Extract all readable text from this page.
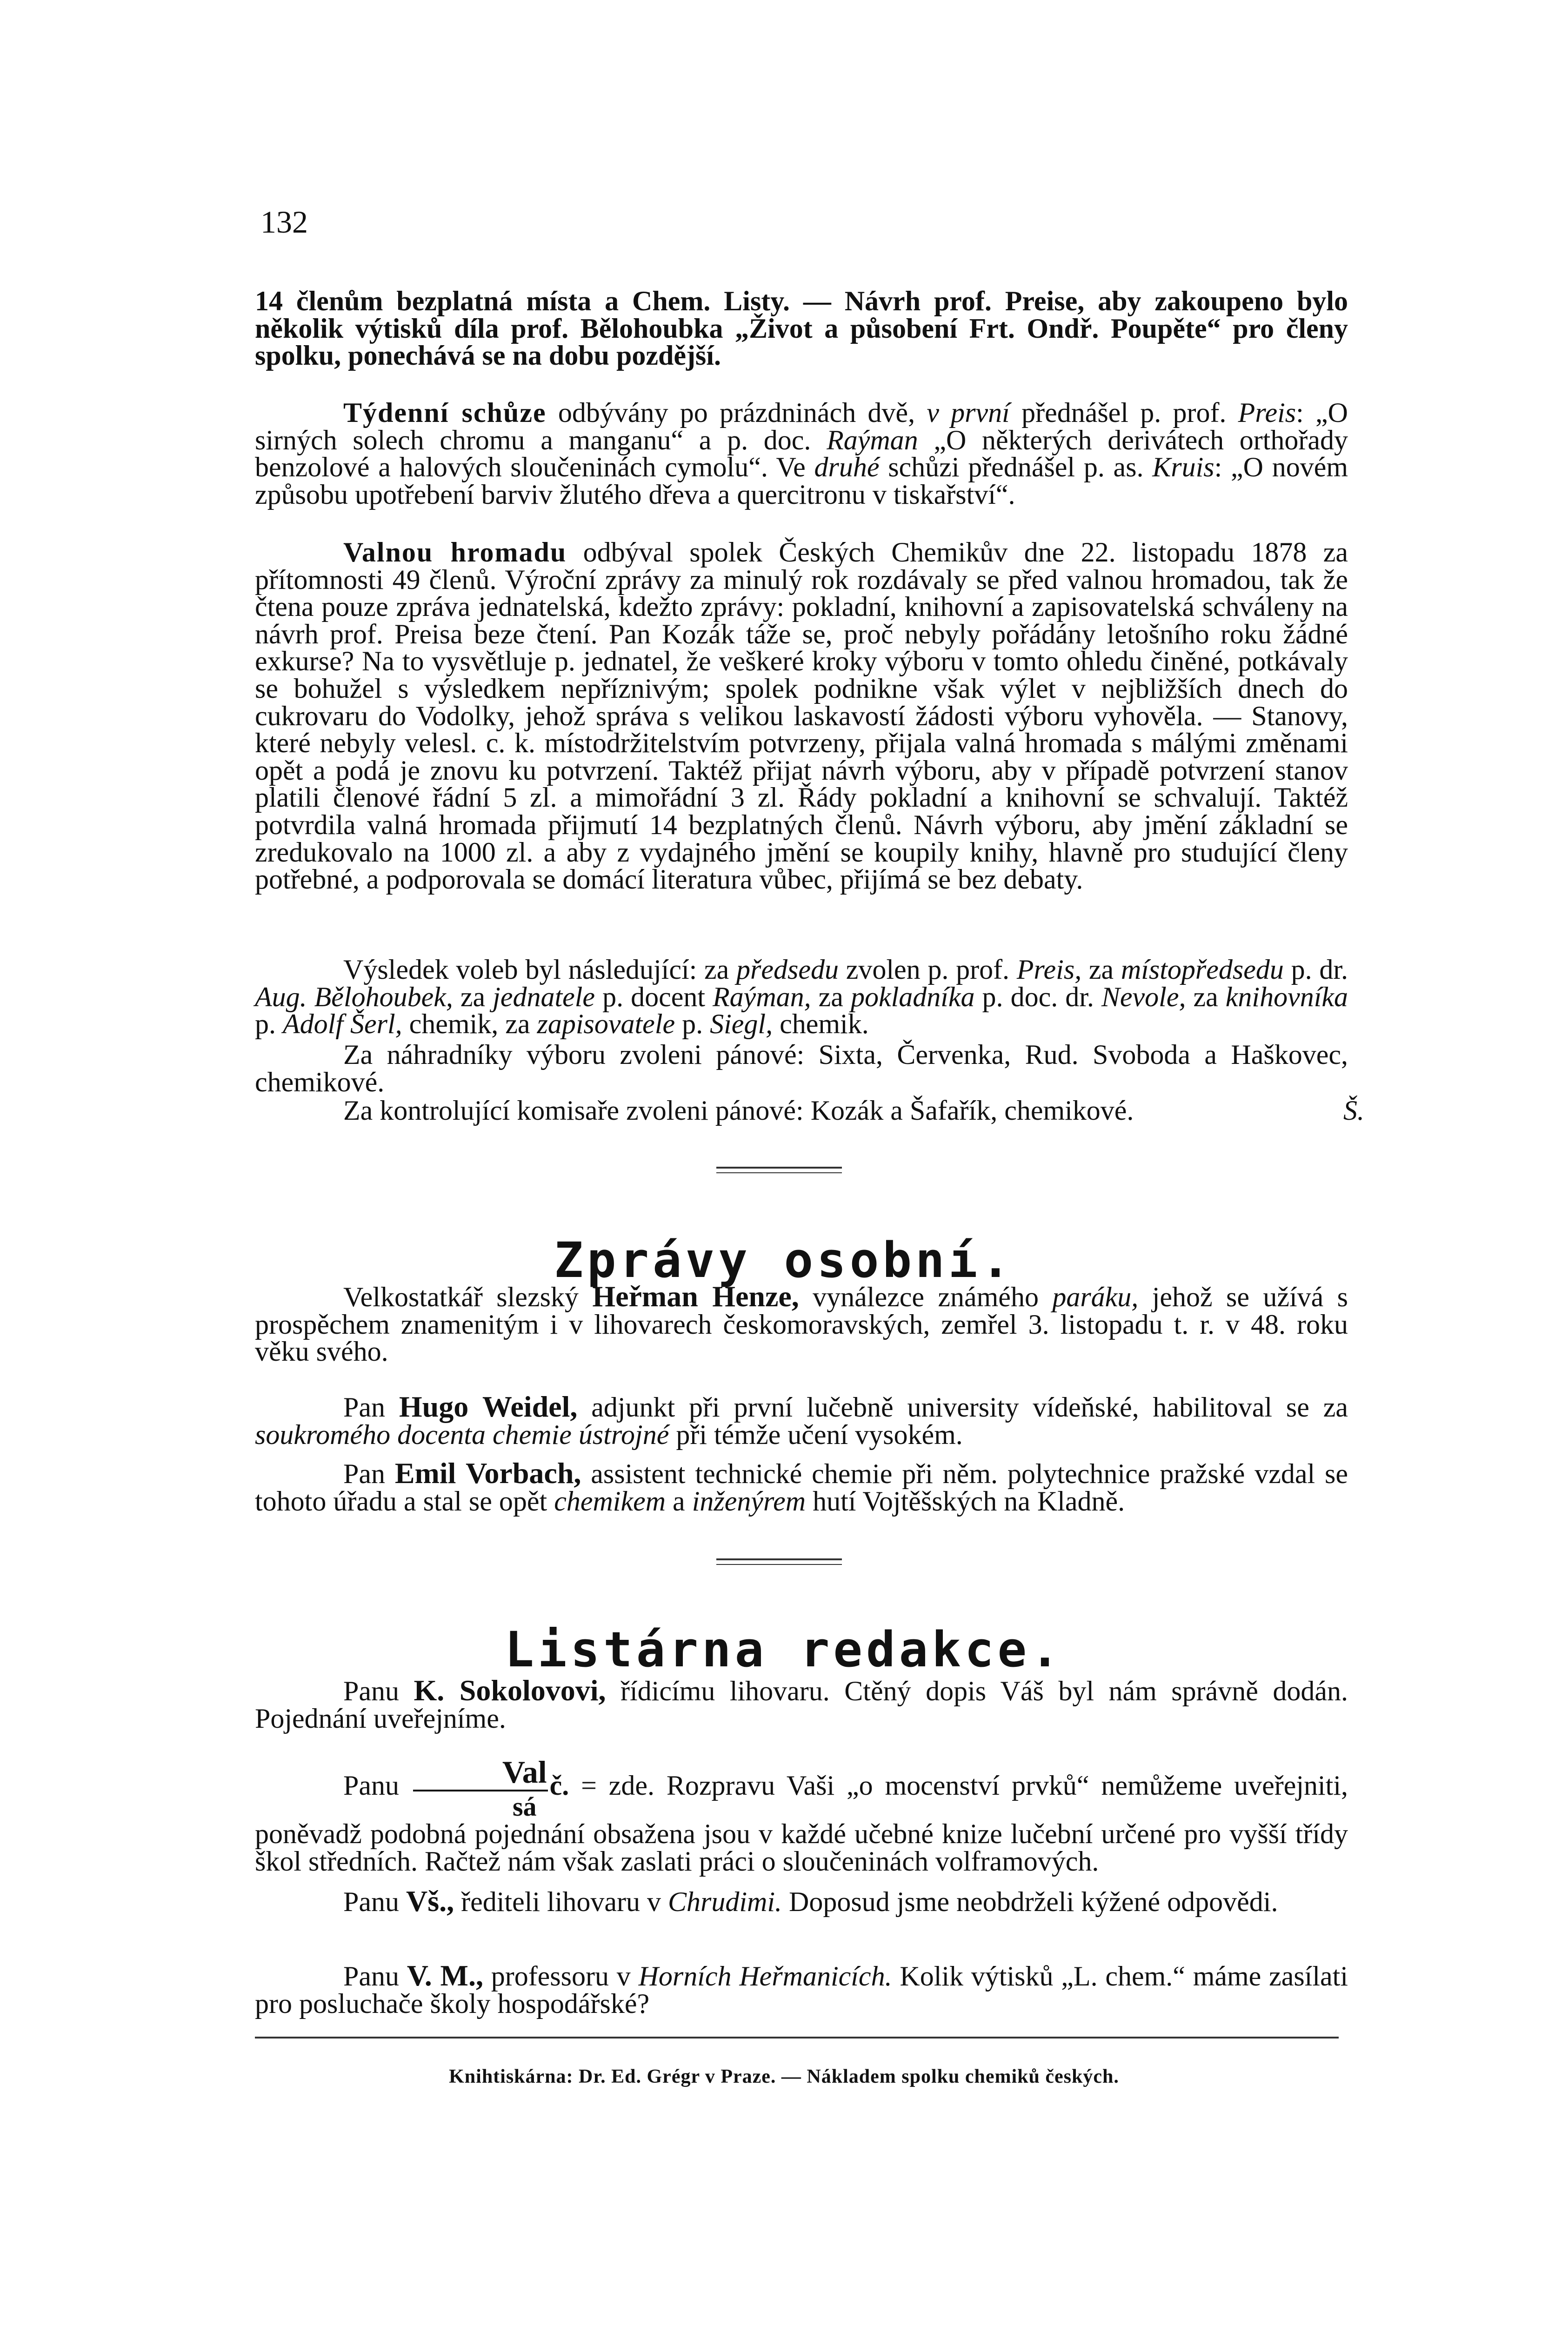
132

14 členům bezplatná místa a Chem. Listy. — Návrh prof. Preise, aby zakoupeno bylo několik výtisků díla prof. Bělohoubka „Život a působení Frt. Ondř. Poupěte“ pro členy spolku, ponechává se na dobu pozdější.

Týdenní schůze odbývány po prázdninách dvě, v první přednášel p. prof. Preis: „O sirných solech chromu a manganu“ a p. doc. Raýman „O některých derivátech orthořady benzolové a halových sloučeninách cymolu“. Ve druhé schůzi přednášel p. as. Kruis: „O novém způsobu upotřebení barviv žlutého dřeva a quercitronu v tiskařství“.

Valnou hromadu odbýval spolek Českých Chemikův dne 22. listopadu 1878 za přítomnosti 49 členů. Výroční zprávy za minulý rok rozdávaly se před valnou hromadou, tak že čtena pouze zpráva jednatelská, kdežto zprávy: pokladní, knihovní a zapisovatelská schváleny na návrh prof. Preisa beze čtení. Pan Kozák táže se, proč nebyly pořádány letošního roku žádné exkurse? Na to vysvětluje p. jednatel, že veškeré kroky výboru v tomto ohledu činěné, potkávaly se bohužel s výsledkem nepříznivým; spolek podnikne však výlet v nejbližších dnech do cukrovaru do Vodolky, jehož správa s velikou laskavostí žádosti výboru vyhověla. — Stanovy, které nebyly velesl. c. k. místodržitelstvím potvrzeny, přijala valná hromada s málými změnami opět a podá je znovu ku potvrzení. Taktéž přijat návrh výboru, aby v případě potvrzení stanov platili členové řádní 5 zl. a mimořádní 3 zl. Řády pokladní a knihovní se schvalují. Taktéž potvrdila valná hromada přijmutí 14 bezplatných členů. Návrh výboru, aby jmění základní se zredukovalo na 1000 zl. a aby z vydajného jmění se koupily knihy, hlavně pro studující členy potřebné, a podporovala se domácí literatura vůbec, přijímá se bez debaty.

Výsledek voleb byl následující: za předsedu zvolen p. prof. Preis, za místopředsedu p. dr. Aug. Bělohoubek, za jednatele p. docent Raýman, za pokladníka p. doc. dr. Nevole, za knihovníka p. Adolf Šerl, chemik, za zapisovatele p. Siegl, chemik.

Za náhradníky výboru zvoleni pánové: Sixta, Červenka, Rud. Svoboda a Haškovec, chemikové.

Za kontrolující komisaře zvoleni pánové: Kozák a Šafařík, chemikové.	Š.

Zprávy osobní.

Velkostatkář slezský Heřman Henze, vynálezce známého paráku, jehož se užívá s prospěchem znamenitým i v lihovarech českomoravských, zemřel 3. listopadu t. r. v 48. roku věku svého.

Pan Hugo Weidel, adjunkt při první lučebně university vídeňské, habilitoval se za soukromého docenta chemie ústrojné při témže učení vysokém.

Pan Emil Vorbach, assistent technické chemie při něm. polytechnice pražské vzdal se tohoto úřadu a stal se opět chemikem a inženýrem hutí Vojtěšských na Kladně.

Listárna redakce.

Panu K. Sokolovovi, řídicímu lihovaru. Ctěný dopis Váš byl nám správně dodán. Pojednání uveřejníme.

Panu $\frac{\text{Val}}{sá}$ č. = zde. Rozpravu Vaši „o mocenství prvků“ nemůžeme uveřejniti, poněvadž podobná pojednání obsažena jsou v každé učebné knize lučební určené pro vyšší třídy škol středních. Račtež nám však zaslati práci o sloučeninách volframových.

Panu Vš., řediteli lihovaru v Chrudimi. Doposud jsme neobdrželi kýžené odpovědi.

Panu V. M., professoru v Horních Heřmanicích. Kolik výtisků „L. chem.“ máme zasílati pro posluchače školy hospodářské?

Knihtiskárna: Dr. Ed. Grégr v Praze. — Nákladem spolku chemiků českých.
